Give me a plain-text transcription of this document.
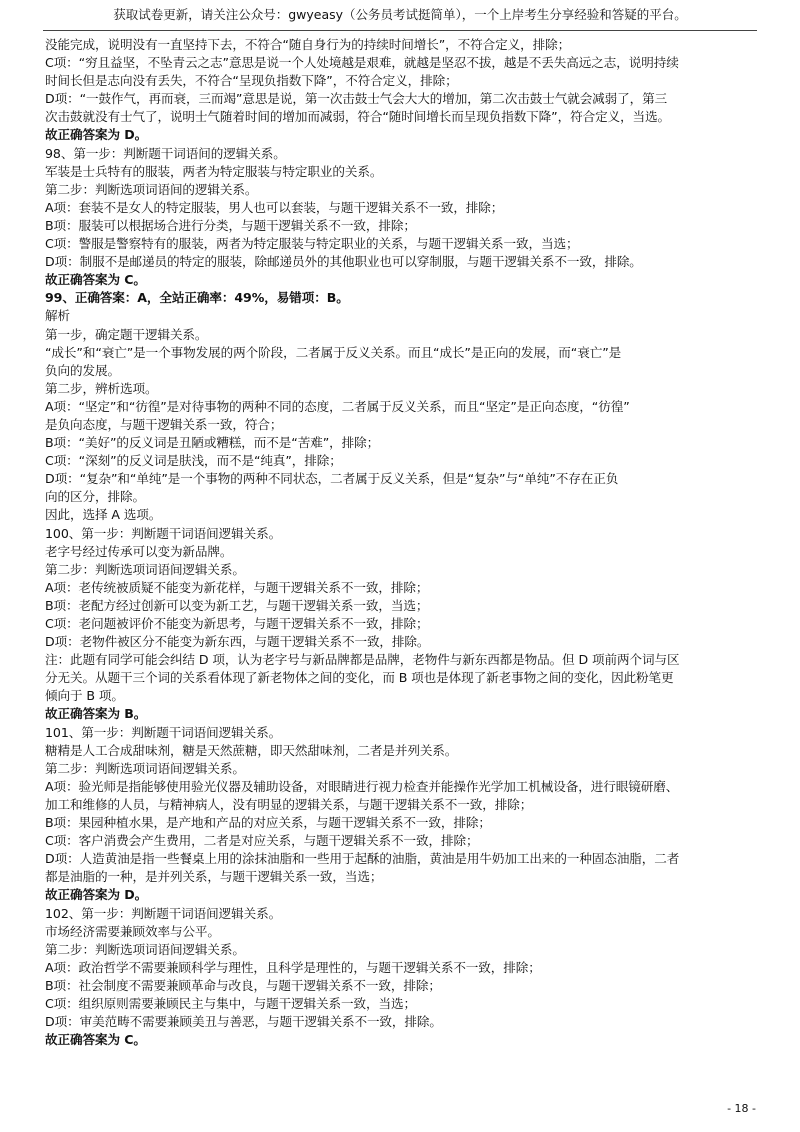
获取试卷更新，请关注公众号：gwyeasy（公务员考试挺简单），一个上岸考生分享经验和答疑的平台。
没能完成，说明没有一直坚持下去，不符合“随自身行为的持续时间增长”，不符合定义，排除；
C项：“穷且益坚，不坠青云之志”意思是说一个人处境越是艰难，就越是坚忍不拔，越是不丢失高远之志，说明持续
时间长但是志向没有丢失，不符合“呈现负指数下降”，不符合定义，排除；
D项：“一鼓作气，再而衰，三而竭”意思是说，第一次击鼓士气会大大的增加，第二次击鼓士气就会减弱了，第三
次击鼓就没有士气了，说明士气随着时间的增加而减弱，符合“随时间增长而呈现负指数下降”，符合定义，当选。
故正确答案为 D。
98、第一步：判断题干词语间的逻辑关系。
军装是士兵特有的服装，两者为特定服装与特定职业的关系。
第二步：判断选项词语间的逻辑关系。
A项：套装不是女人的特定服装，男人也可以套装，与题干逻辑关系不一致，排除；
B项：服装可以根据场合进行分类，与题干逻辑关系不一致，排除；
C项：警服是警察特有的服装，两者为特定服装与特定职业的关系，与题干逻辑关系一致，当选；
D项：制服不是邮递员的特定的服装，除邮递员外的其他职业也可以穿制服，与题干逻辑关系不一致，排除。
故正确答案为 C。
99、正确答案：A，全站正确率：49%，易错项：B。
解析
第一步，确定题干逻辑关系。
“成长”和“衰亡”是一个事物发展的两个阶段，二者属于反义关系。而且“成长”是正向的发展，而“衰亡”是
负向的发展。
第二步，辨析选项。
A项：“坚定”和“彷徨”是对待事物的两种不同的态度，二者属于反义关系，而且“坚定”是正向态度，“彷徨”
是负向态度，与题干逻辑关系一致，符合；
B项：“美好”的反义词是丑陋或糟糕，而不是“苦难”，排除；
C项：“深刻”的反义词是肤浅，而不是“纯真”，排除；
D项：“复杂”和“单纯”是一个事物的两种不同状态，二者属于反义关系，但是“复杂”与“单纯”不存在正负
向的区分，排除。
因此，选择 A 选项。
100、第一步：判断题干词语间逻辑关系。
老字号经过传承可以变为新品牌。
第二步：判断选项词语间逻辑关系。
A项：老传统被质疑不能变为新花样，与题干逻辑关系不一致，排除；
B项：老配方经过创新可以变为新工艺，与题干逻辑关系一致，当选；
C项：老问题被评价不能变为新思考，与题干逻辑关系不一致，排除；
D项：老物件被区分不能变为新东西，与题干逻辑关系不一致，排除。
注：此题有同学可能会纠结 D 项，认为老字号与新品牌都是品牌，老物件与新东西都是物品。但 D 项前两个词与区
分无关。从题干三个词的关系看体现了新老物体之间的变化，而 B 项也是体现了新老事物之间的变化，因此粉笔更
倾向于 B 项。
故正确答案为 B。
101、第一步：判断题干词语间逻辑关系。
糖精是人工合成甜味剂，糖是天然蔗糖，即天然甜味剂，二者是并列关系。
第二步：判断选项词语间逻辑关系。
A项：验光师是指能够使用验光仪器及辅助设备，对眼睛进行视力检查并能操作光学加工机械设备，进行眼镜研磨、
加工和维修的人员，与精神病人，没有明显的逻辑关系，与题干逻辑关系不一致，排除；
B项：果园种植水果，是产地和产品的对应关系，与题干逻辑关系不一致，排除；
C项：客户消费会产生费用，二者是对应关系，与题干逻辑关系不一致，排除；
D项：人造黄油是指一些餐桌上用的涂抹油脂和一些用于起酥的油脂，黄油是用牛奶加工出来的一种固态油脂，二者
都是油脂的一种，是并列关系，与题干逻辑关系一致，当选；
故正确答案为 D。
102、第一步：判断题干词语间逻辑关系。
市场经济需要兼顾效率与公平。
第二步：判断选项词语间逻辑关系。
A项：政治哲学不需要兼顾科学与理性，且科学是理性的，与题干逻辑关系不一致，排除；
B项：社会制度不需要兼顾革命与改良，与题干逻辑关系不一致，排除；
C项：组织原则需要兼顾民主与集中，与题干逻辑关系一致，当选；
D项：审美范畴不需要兼顾美丑与善恶，与题干逻辑关系不一致，排除。
故正确答案为 C。
- 18 -
